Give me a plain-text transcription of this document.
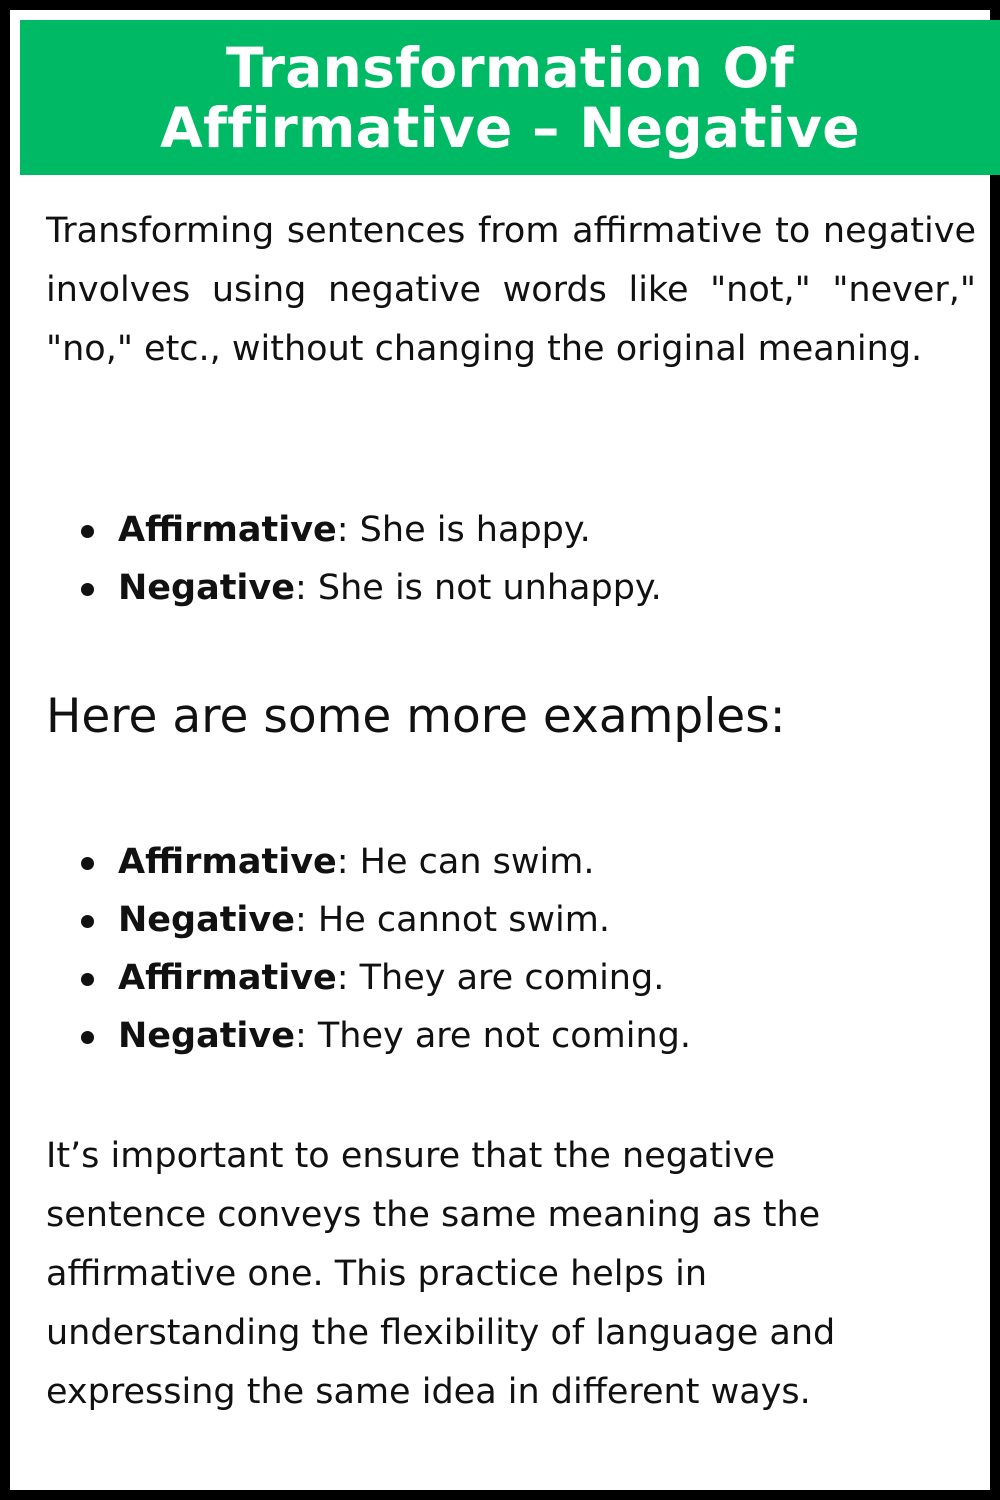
Transformation Of
Affirmative – Negative

Transforming sentences from affirmative to negative involves using negative words like "not," "never," "no," etc., without changing the original meaning.

Affirmative: She is happy.
Negative: She is not unhappy.
Here are some more examples:
Affirmative: He can swim.
Negative: He cannot swim.
Affirmative: They are coming.
Negative: They are not coming.
It’s important to ensure that the negative
sentence conveys the same meaning as the
affirmative one. This practice helps in
understanding the flexibility of language and
expressing the same idea in different ways.
